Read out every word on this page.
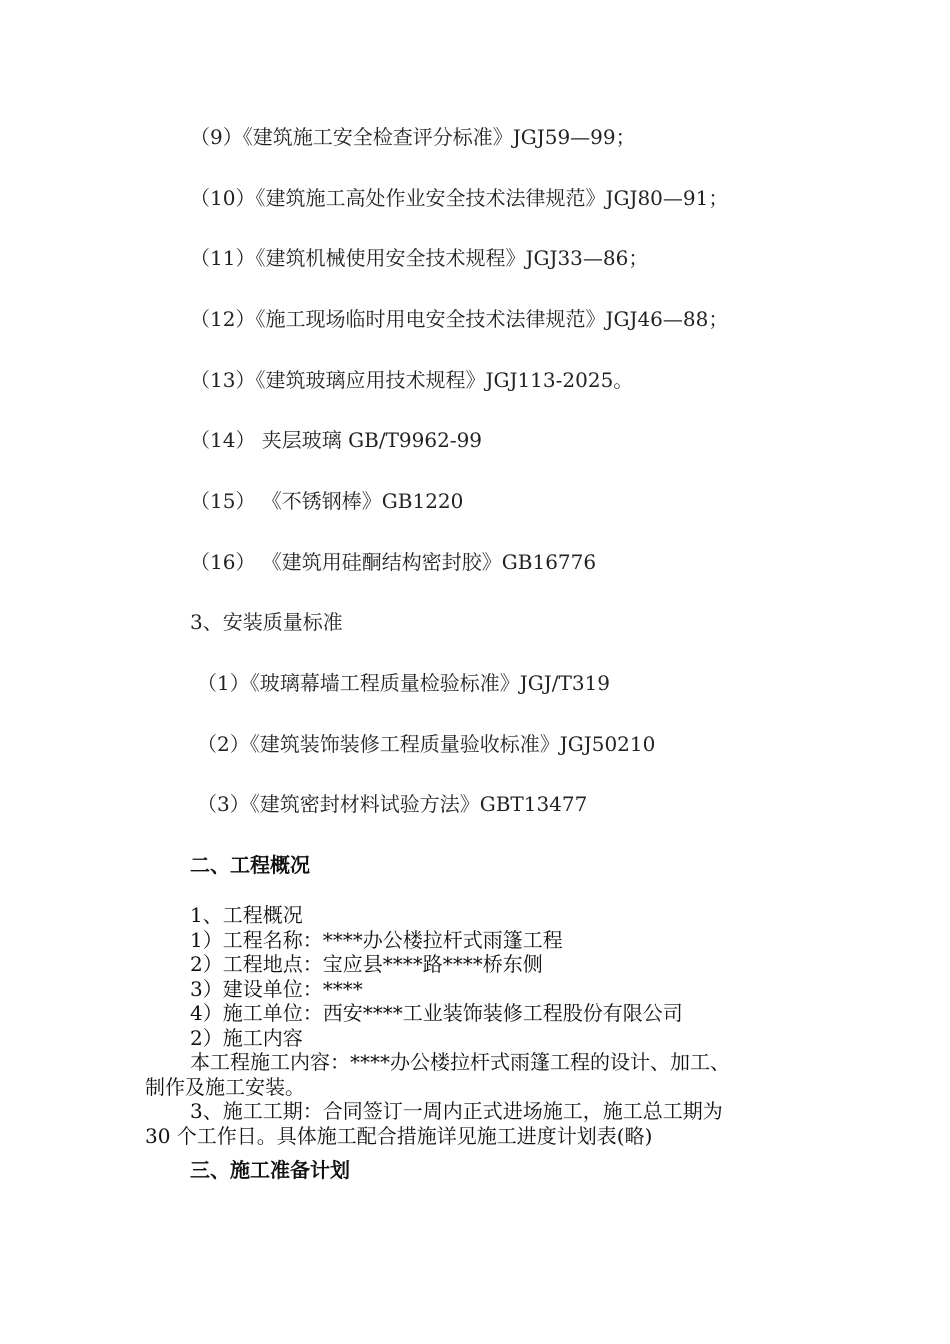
（9）《建筑施工安全检查评分标准》JGJ59—99；
（10）《建筑施工高处作业安全技术法律规范》JGJ80—91；
（11）《建筑机械使用安全技术规程》JGJ33—86；
（12）《施工现场临时用电安全技术法律规范》JGJ46—88；
（13）《建筑玻璃应用技术规程》JGJ113-2025。
（14） 夹层玻璃 GB/T9962-99
（15） 《不锈钢棒》GB1220
（16） 《建筑用硅酮结构密封胶》GB16776
3、安装质量标准
（1）《玻璃幕墙工程质量检验标准》JGJ/T319
（2）《建筑装饰装修工程质量验收标准》JGJ50210
（3）《建筑密封材料试验方法》GBT13477
二、工程概况
1、工程概况
1）工程名称：****办公楼拉杆式雨篷工程
2）工程地点：宝应县****路****桥东侧
3）建设单位：****
4）施工单位：西安****工业装饰装修工程股份有限公司
2）施工内容
本工程施工内容：****办公楼拉杆式雨篷工程的设计、加工、
制作及施工安装。
3、施工工期：合同签订一周内正式进场施工，施工总工期为
30 个工作日。具体施工配合措施详见施工进度计划表(略)
三、施工准备计划
